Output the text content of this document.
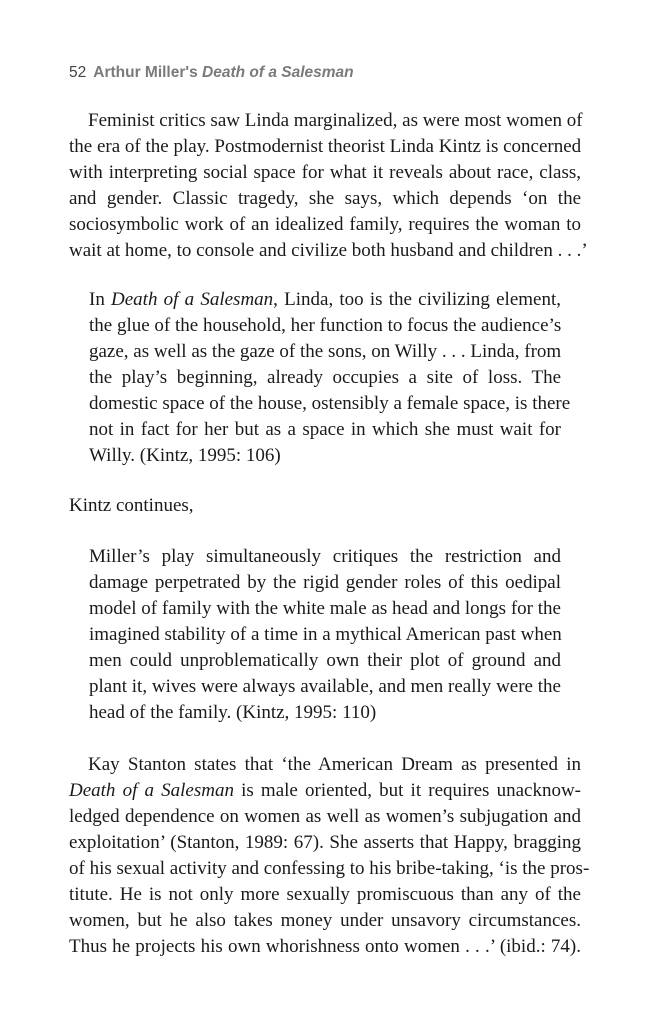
52 Arthur Miller's Death of a Salesman
 Feminist critics saw Linda marginalized, as were most women of
the era of the play. Postmodernist theorist Linda Kintz is concerned
with interpreting social space for what it reveals about race, class,
and gender. Classic tragedy, she says, which depends ‘on the
sociosymbolic work of an idealized family, requires the woman to
wait at home, to console and civilize both husband and children . . .’
In Death of a Salesman, Linda, too is the civilizing element,
the glue of the household, her function to focus the audience’s
gaze, as well as the gaze of the sons, on Willy . . . Linda, from
the play’s beginning, already occupies a site of loss. The
domestic space of the house, ostensibly a female space, is there
not in fact for her but as a space in which she must wait for
Willy. (Kintz, 1995: 106)
Kintz continues,
Miller’s play simultaneously critiques the restriction and
damage perpetrated by the rigid gender roles of this oedipal
model of family with the white male as head and longs for the
imagined stability of a time in a mythical American past when
men could unproblematically own their plot of ground and
plant it, wives were always available, and men really were the
head of the family. (Kintz, 1995: 110)
 Kay Stanton states that ‘the American Dream as presented in
Death of a Salesman is male oriented, but it requires unacknow-
ledged dependence on women as well as women’s subjugation and
exploitation’ (Stanton, 1989: 67). She asserts that Happy, bragging
of his sexual activity and confessing to his bribe-taking, ‘is the pros-
titute. He is not only more sexually promiscuous than any of the
women, but he also takes money under unsavory circumstances.
Thus he projects his own whorishness onto women . . .’ (ibid.: 74).
